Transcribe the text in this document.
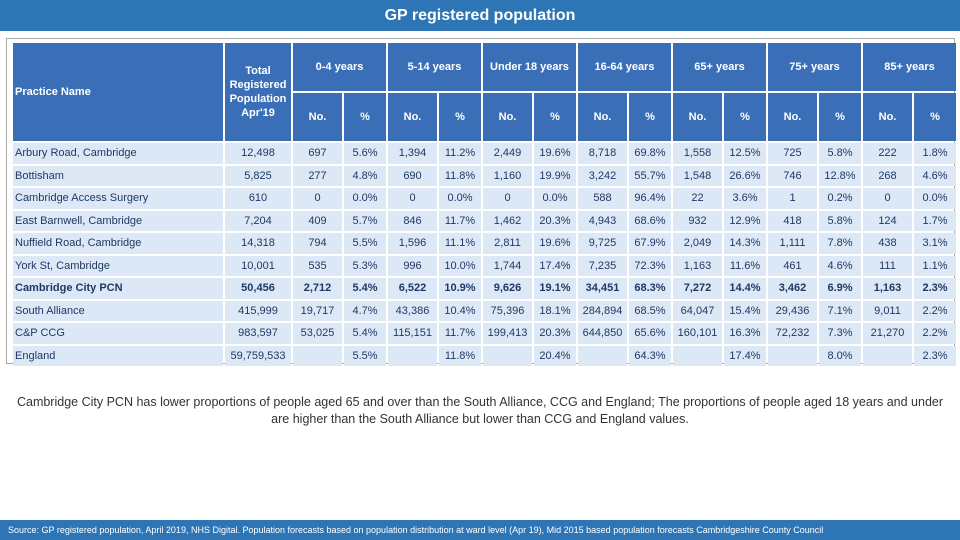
GP registered population
Practice Name	Total Registered Population Apr'19	0-4 years		5-14 years		Under 18 years		16-64 years		65+ years		75+ years		85+ years	
		No.	%	No.	%	No.	%	No.	%	No.	%	No.	%	No.	%
Arbury Road, Cambridge	12,498	697	5.6%	1,394	11.2%	2,449	19.6%	8,718	69.8%	1,558	12.5%	725	5.8%	222	1.8%
Bottisham	5,825	277	4.8%	690	11.8%	1,160	19.9%	3,242	55.7%	1,548	26.6%	746	12.8%	268	4.6%
Cambridge Access Surgery	610	0	0.0%	0	0.0%	0	0.0%	588	96.4%	22	3.6%	1	0.2%	0	0.0%
East Barnwell, Cambridge	7,204	409	5.7%	846	11.7%	1,462	20.3%	4,943	68.6%	932	12.9%	418	5.8%	124	1.7%
Nuffield Road, Cambridge	14,318	794	5.5%	1,596	11.1%	2,811	19.6%	9,725	67.9%	2,049	14.3%	1,111	7.8%	438	3.1%
York St, Cambridge	10,001	535	5.3%	996	10.0%	1,744	17.4%	7,235	72.3%	1,163	11.6%	461	4.6%	111	1.1%
Cambridge City PCN	50,456	2,712	5.4%	6,522	10.9%	9,626	19.1%	34,451	68.3%	7,272	14.4%	3,462	6.9%	1,163	2.3%
South Alliance	415,999	19,717	4.7%	43,386	10.4%	75,396	18.1%	284,894	68.5%	64,047	15.4%	29,436	7.1%	9,011	2.2%
C&P CCG	983,597	53,025	5.4%	115,151	11.7%	199,413	20.3%	644,850	65.6%	160,101	16.3%	72,232	7.3%	21,270	2.2%
England	59,759,533		5.5%		11.8%		20.4%		64.3%		17.4%		8.0%		2.3%
Cambridge City PCN has lower proportions of people aged 65 and over than the South Alliance, CCG and England; The proportions of people aged 18 years and under are higher than the South Alliance but lower than CCG and England values.
Source: GP registered population, April 2019, NHS Digital. Population forecasts based on population distribution at ward level (Apr 19), Mid 2015 based population forecasts Cambridgeshire County Council
